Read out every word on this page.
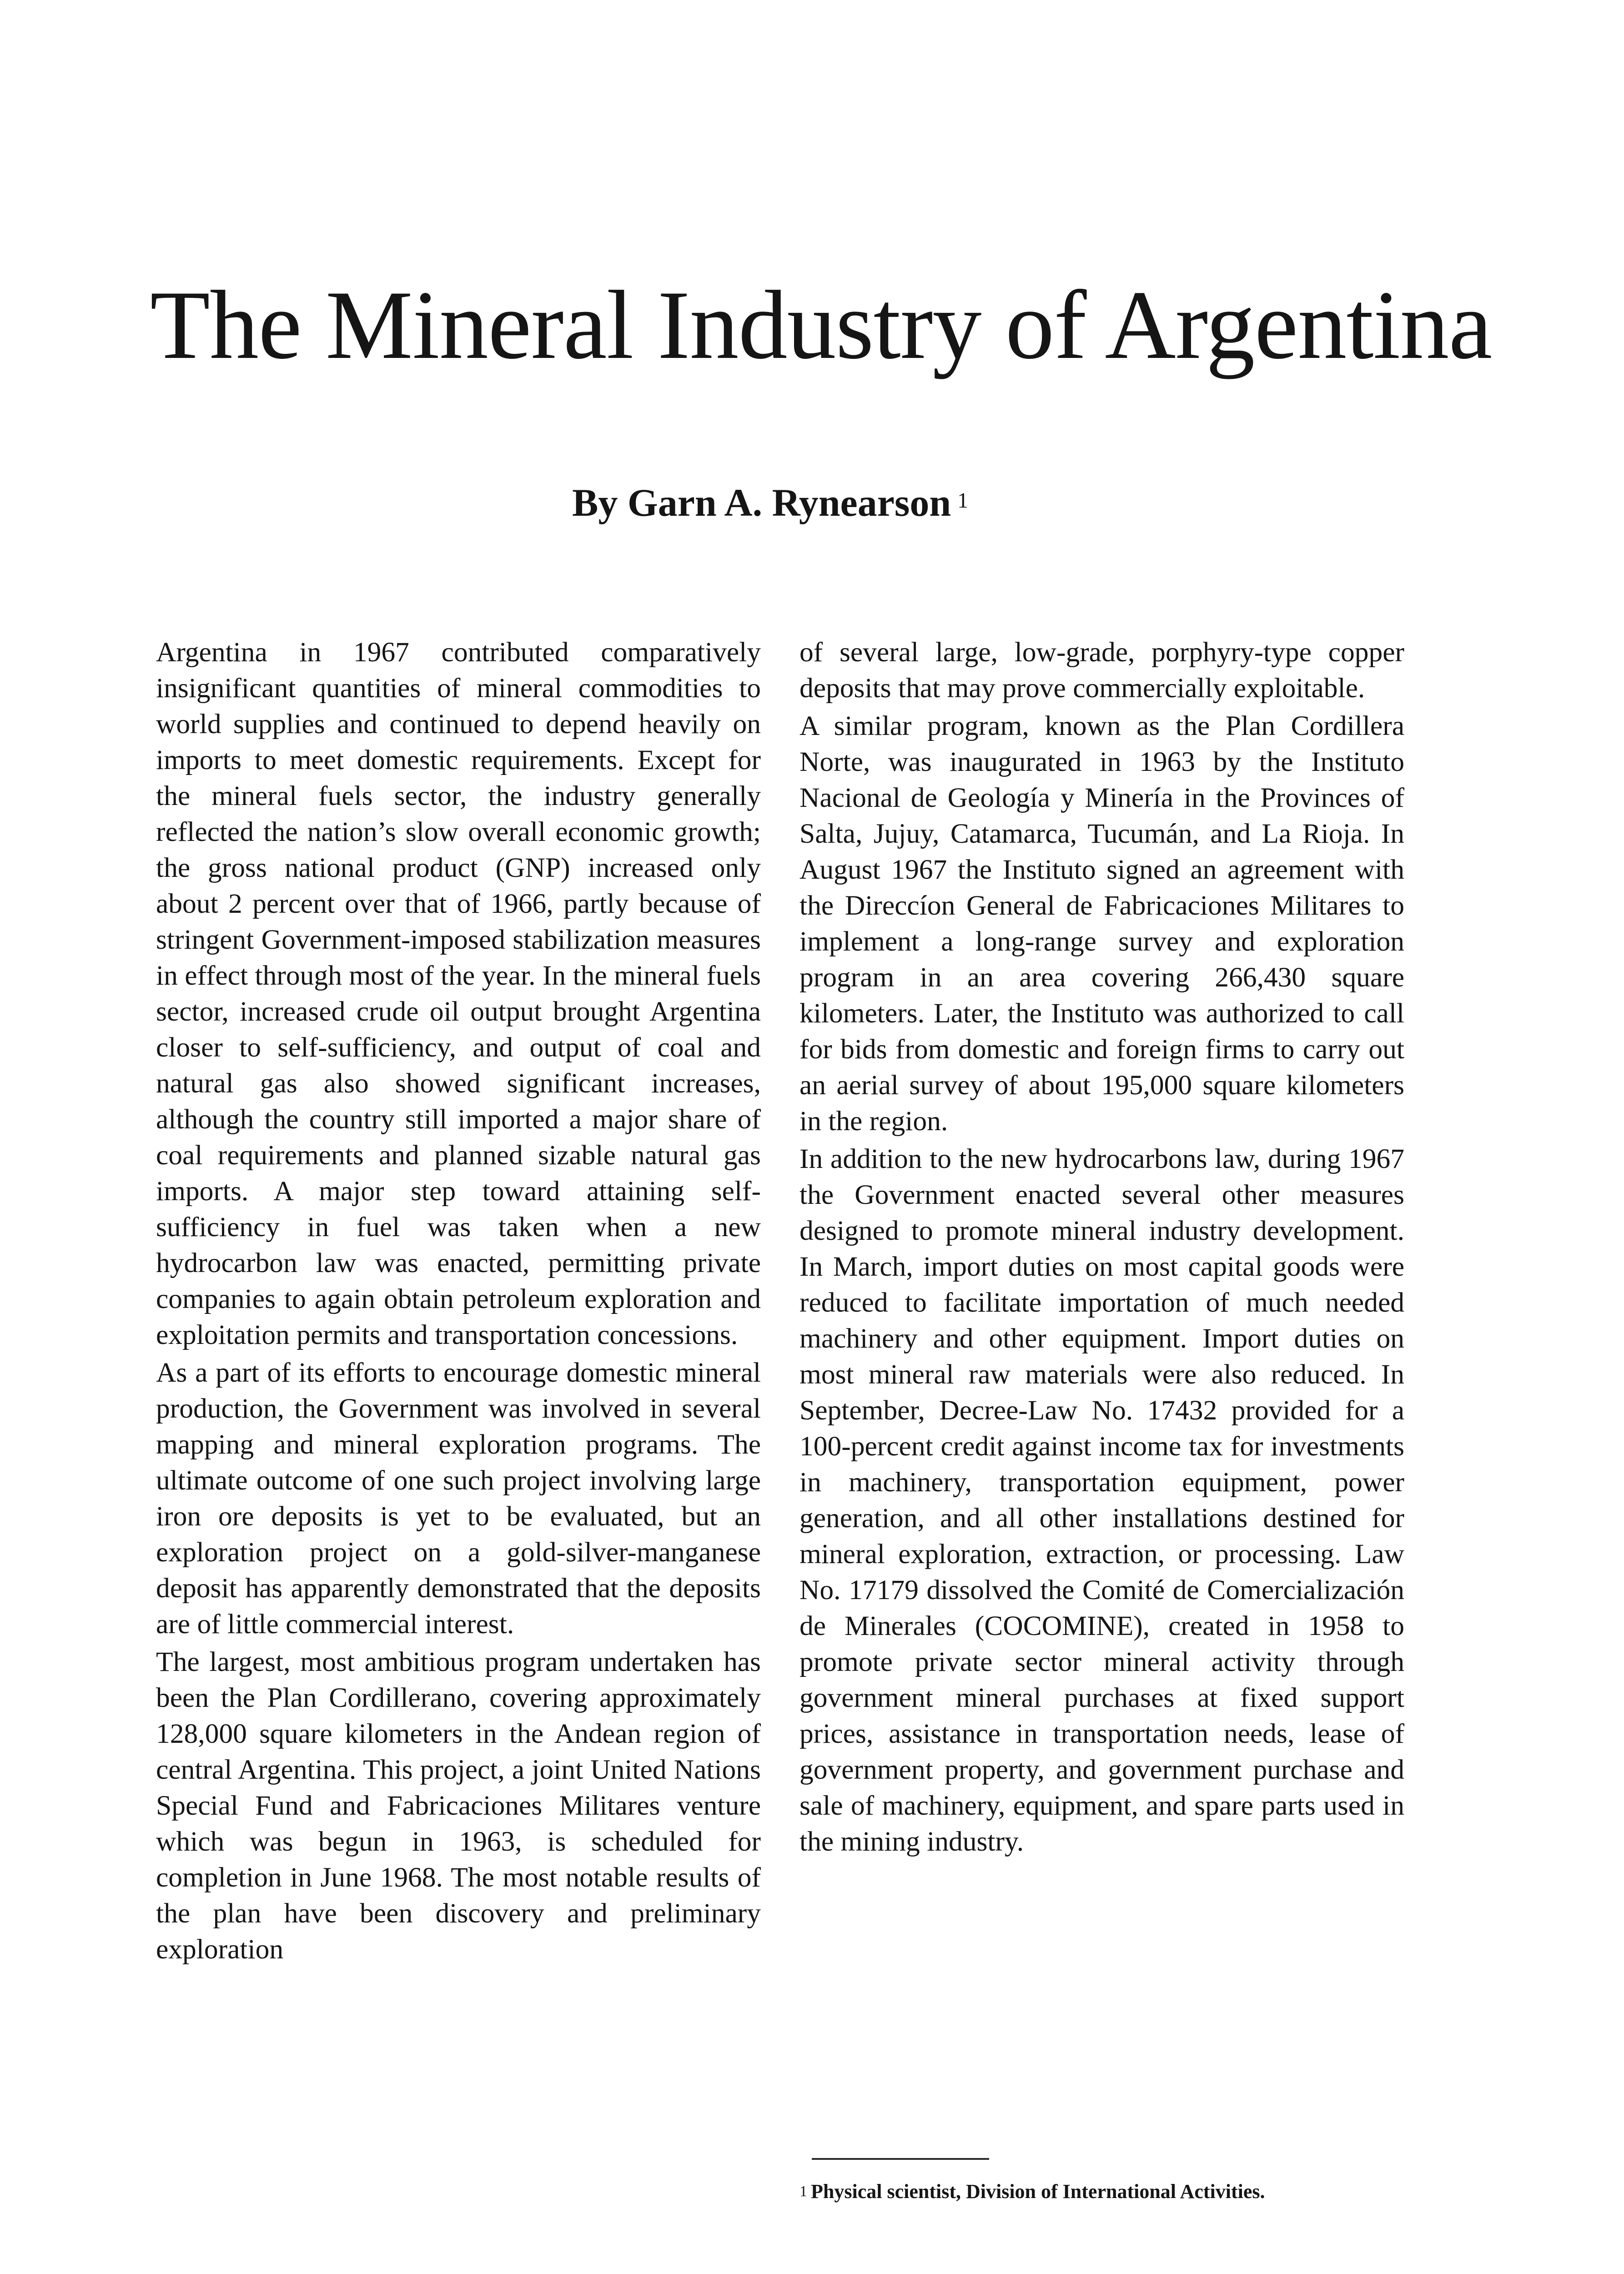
The Mineral Industry of Argentina
By Garn A. Rynearson $^1$

Argentina in 1967 contributed comparatively insignificant quantities of mineral commodities to world supplies and continued to depend heavily on imports to meet domestic requirements. Except for the mineral fuels sector, the industry generally reflected the nation’s slow overall economic growth; the gross national product (GNP) increased only about 2 percent over that of 1966, partly because of stringent Government-imposed stabilization measures in effect through most of the year. In the mineral fuels sector, increased crude oil output brought Argentina closer to self-sufficiency, and output of coal and natural gas also showed significant increases, although the country still imported a major share of coal requirements and planned sizable natural gas imports. A major step toward attaining self-sufficiency in fuel was taken when a new hydrocarbon law was enacted, permitting private companies to again obtain petroleum exploration and exploitation permits and transportation concessions.

As a part of its efforts to encourage domestic mineral production, the Government was involved in several mapping and mineral exploration programs. The ultimate outcome of one such project involving large iron ore deposits is yet to be evaluated, but an exploration project on a gold-silver-manganese deposit has apparently demonstrated that the deposits are of little commercial interest.

The largest, most ambitious program undertaken has been the Plan Cordillerano, covering approximately 128,000 square kilometers in the Andean region of central Argentina. This project, a joint United Nations Special Fund and Fabricaciones Militares venture which was begun in 1963, is scheduled for completion in June 1968. The most notable results of the plan have been discovery and preliminary exploration

of several large, low-grade, porphyry-type copper deposits that may prove commercially exploitable.

A similar program, known as the Plan Cordillera Norte, was inaugurated in 1963 by the Instituto Nacional de Geología y Minería in the Provinces of Salta, Jujuy, Catamarca, Tucumán, and La Rioja. In August 1967 the Instituto signed an agreement with the Direccíon General de Fabricaciones Militares to implement a long-range survey and exploration program in an area covering 266,430 square kilometers. Later, the Instituto was authorized to call for bids from domestic and foreign firms to carry out an aerial survey of about 195,000 square kilometers in the region.

In addition to the new hydrocarbons law, during 1967 the Government enacted several other measures designed to promote mineral industry development. In March, import duties on most capital goods were reduced to facilitate importation of much needed machinery and other equipment. Import duties on most mineral raw materials were also reduced. In September, Decree-Law No. 17432 provided for a 100-percent credit against income tax for investments in machinery, transportation equipment, power generation, and all other installations destined for mineral exploration, extraction, or processing. Law No. 17179 dissolved the Comité de Comercialización de Minerales (COCOMINE), created in 1958 to promote private sector mineral activity through government mineral purchases at fixed support prices, assistance in transportation needs, lease of government property, and government purchase and sale of machinery, equipment, and spare parts used in the mining industry.

$^1$ Physical scientist, Division of International Activities.
